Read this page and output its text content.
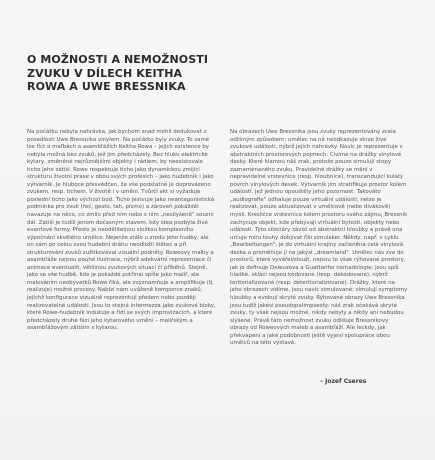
O MOŽNOSTI A NEMOŽNOSTI
ZVUKU V DÍLECH KEITHA
ROWA A UWE BRESSNIKA

Na počátku nebyla nahrávka, jak bychom snad mohli dedukovat z posedlosti Uwe Bressnika vinylem. Na počátku byly zvuky. To samé lze říct o maľbách a asambľážích Keitha Rowa – jejich existence by nebyla možná bez zvuků, jež jim předcházely. Bez hluku elektrické kytary, změněné nejrůznějšími objekty i rádiem, by neexistovalo ticho jeho zátiší. Rowe respektuje ticho jako dynamickou zmíjící strukturu životní praxe v obou svých profesích – jako hudebník i jako výtvarník. Je hluboce přesvědčen, že vše podstatné je doprovázeno zvukem, resp. tichem. V životě i v umění. Tvůrčí akt si vyžaduje poslední ticho jako výchozí bod. Ticho jestvuje jako neantagonistická podmínka pro zvuk (řeč, gesto, tah, písmo) a zároveň pokážděl navazuje na něco, co zmílo před ním nebo s ním „nesílyšeně" souzní dál. Zátiší je tudíž jenom dočasným stavem, kdy idea pozbyla živé eventové formy. Přesto je neodělitelnou složkou komplexního výpočnání skvělého umělce. Nejenže stálo u zrodu jeho hudby, ale on sám po celou svou hudební dráhu neodložil štětec a při strukturování zvuků zužitkovával vizuální podněty. Roweovy malby a asambľáže nejsou pouhé ilustrace, nýbrž adekvátní reprezentace či animace eventualit, většinou zvukových situací či příběhů. Stejně, jako se vše hudbě, kde je pokaždé potřinai spíše jako malíř, ale malováním neobyvatků Rowe řiká, ale zvýznamňuje a amplifikuje (tj. realizuje) možné procesy. Nabízí nám uváženě komponce znaků, jejichž konfigurace vizuálně reprezentují předem nebo později realizovatelné události. Jsou to stejná intermezza jako zvukové bloky, které Rowe-hudebník indukuje a řídí se svých improvizacích, a které předcházely druhé fázi jeho kytarového umění – malířským a asambľážovým zátiším s kytarou.

Na obrazech Uwe Bressnika jsou zvuky reprezentovány zcela odlišným způsobem; umělec na ně neodkazuje skrze živé zvukové události, nýbrž jejich nahrávky. Navíc je reprezentuje v abstraktních prostorových pojmech. Civime na drážky vinylové desky. Které klamou náš zrak, protože pouze simulují stopy zaznamenaného zvuku. Pravidelné drážky se mění v nepravidelné vrstevnice (resp. hloubnice), transcendující kulatý povrch vinylových desek. Výtvarník jim stratifikuje prostor kolem událostí, jež jednou opouštěly jeho pozornost. Takováto „audiografie" odhaluje pouze virtuální události; nelze je realizovat, pouze aktualizovat v umělcově (nebo divákově) mysli. Kresličce vrstevnice kolem prostoru svého zájmu, Bressnik zachycuje objekt, kde přebývají virtuální bytosti, objekty nebo události. Tyto silociáry závisí od abstraktní hloubky a právě ona určuje míru touhy dobývat říši simulaker. Někdy, např. v cyklu „Bearbeitungen", je do virtuální krajiny začleněna celá vinylová deska a proměňuje jí na jakýsi „dreamland". Umělec nás zve do prostorů, které vyvářeí/slouží, nejsou to však rýhované prostory, jak je definuje Deleuzova a Guattariho nomadologie; jsou spíš hladké, sklácí nejsou kódované (resp. dekódované), nýbrž teritorializované (resp. deteritorializované). Drážky, které na jeho obrazech vidíme, jsou navíc simulované; simulují symptomy hloubky a evokují skryté zvuky. Rýhované obrazy Uwe Bressnika jsou tudíž jakési pseudopalimpsesty: náš zrak očekává skryté zvuky, ty však nejsou možné, nikdy nebyly a nikdy ani nebudou slyšené. Právě tato nemožnost zvuku odlišuje Bressnikovy obrazy od Roweových maleb a asambľáží. Ale leckdy, jak překvapení a jaké podobnosti ještě vyjeví spolupráce obou umělců na této výstavě.

– Jozef Cseres
